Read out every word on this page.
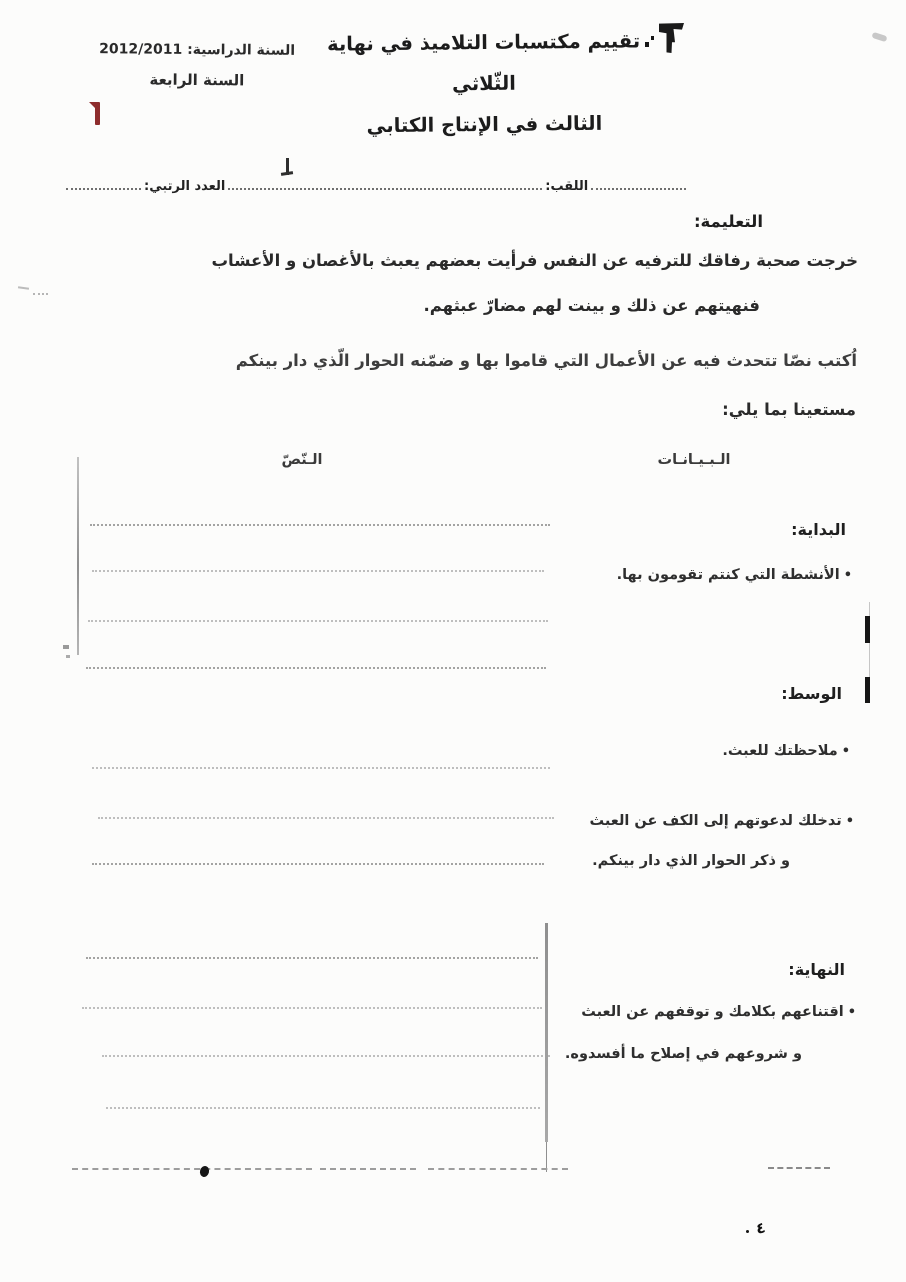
السنة الدراسية: 2012/2011
السنة الرابعة
تقييم مكتسبات التلاميذ في نهاية الثّلاثي
الثالث في الإنتاج الكتابي
اللقب:
العدد الرتبي:
التعليمة:
خرجت صحبة رفاقك للترفيه عن النفس فرأيت بعضهم يعبث بالأغصان و الأعشاب
فنهيتهم عن ذلك و بينت لهم مضارّ عبثهم.
اُكتب نصّا تتحدث فيه عن الأعمال التي قاموا بها و ضمّنه الحوار الّذي دار بينكم
مستعينا بما يلي:
الـنّصّ	الـبـيـانـات
البداية:
•الأنشطة التي كنتم تقومون بها.
الوسط:
•ملاحظتك للعبث.
•تدخلك لدعوتهم إلى الكف عن العبث
و ذكر الحوار الذي دار بينكم.
النهاية:
•اقتناعهم بكلامك و توقفهم عن العبث
و شروعهم في إصلاح ما أفسدوه.
٤
